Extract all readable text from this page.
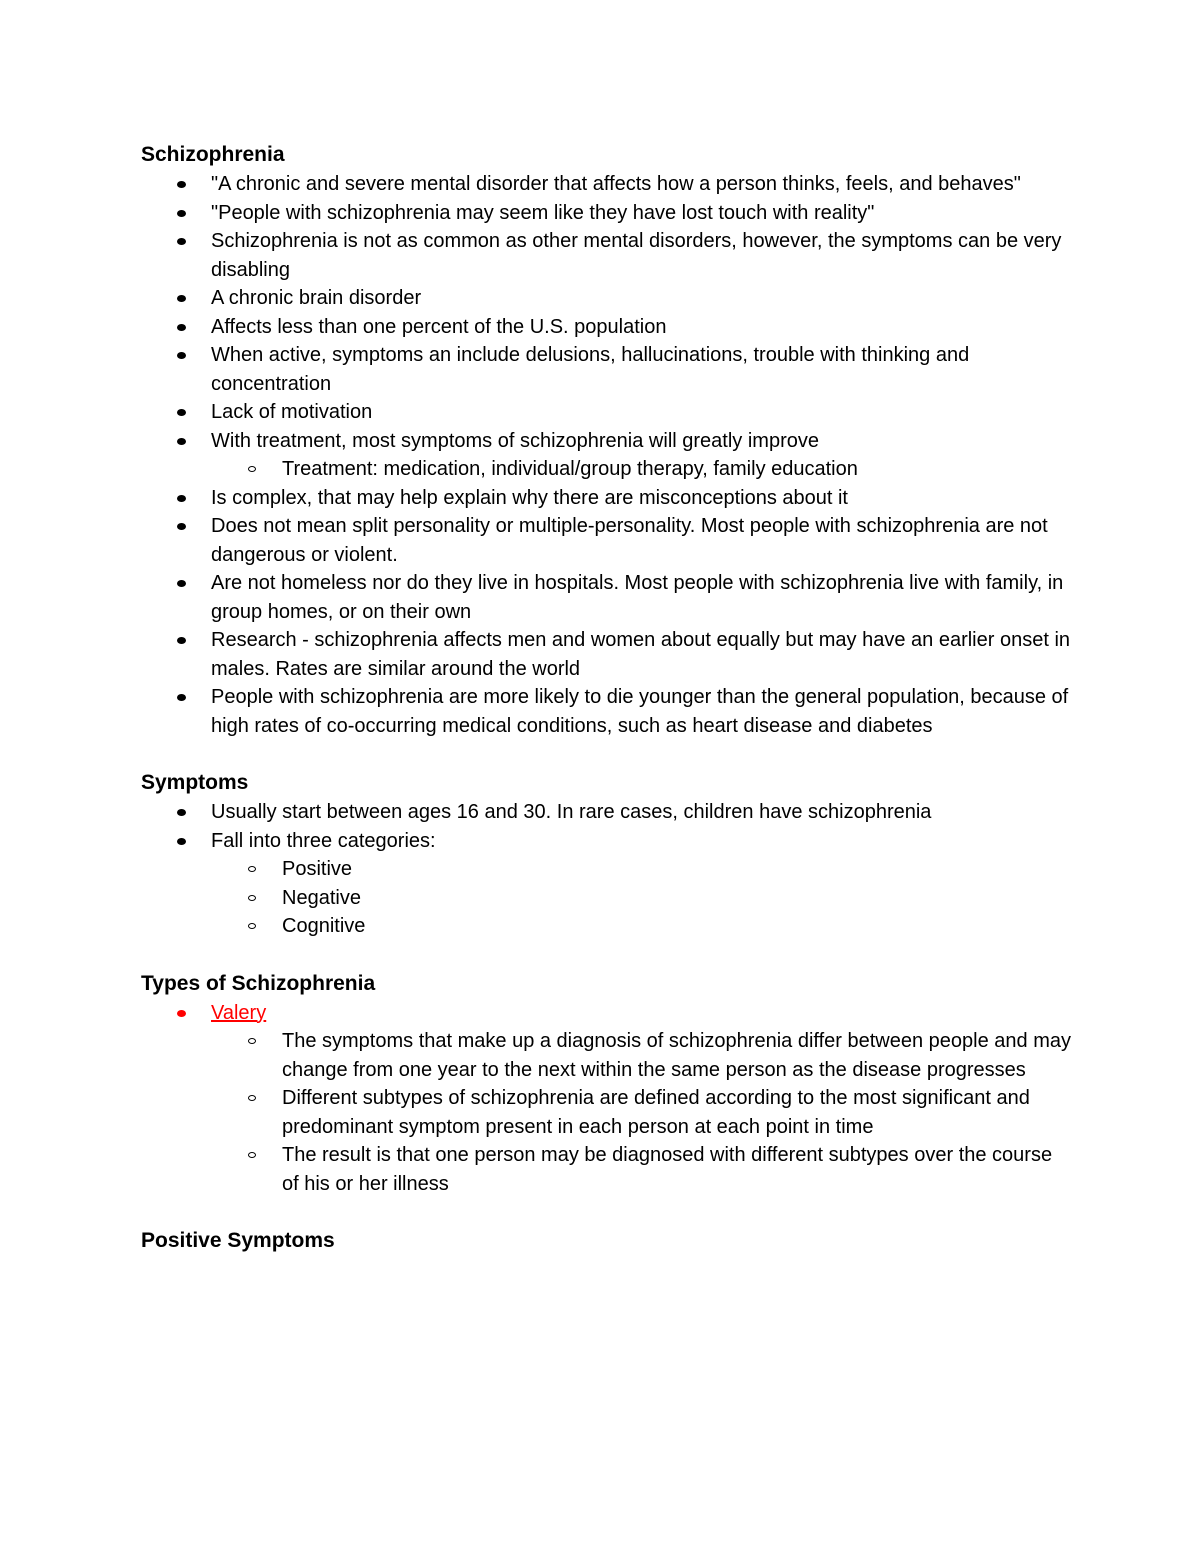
Schizophrenia
"A chronic and severe mental disorder that affects how a person thinks, feels, and behaves"
"People with schizophrenia may seem like they have lost touch with reality"
Schizophrenia is not as common as other mental disorders, however, the symptoms can be very disabling
A chronic brain disorder
Affects less than one percent of the U.S. population
When active, symptoms an include delusions, hallucinations, trouble with thinking and concentration
Lack of motivation
With treatment, most symptoms of schizophrenia will greatly improve
Treatment: medication, individual/group therapy, family education
Is complex, that may help explain why there are misconceptions about it
Does not mean split personality or multiple-personality. Most people with schizophrenia are not dangerous or violent.
Are not homeless nor do they live in hospitals. Most people with schizophrenia live with family, in group homes, or on their own
Research - schizophrenia affects men and women about equally but may have an earlier onset in males. Rates are similar around the world
People with schizophrenia are more likely to die younger than the general population, because of high rates of co-occurring medical conditions, such as heart disease and diabetes
Symptoms
Usually start between ages 16 and 30. In rare cases, children have schizophrenia
Fall into three categories:
Positive
Negative
Cognitive
Types of Schizophrenia
Valery
The symptoms that make up a diagnosis of schizophrenia differ between people and may change from one year to the next within the same person as the disease progresses
Different subtypes of schizophrenia are defined according to the most significant and predominant symptom present in each person at each point in time
The result is that one person may be diagnosed with different subtypes over the course of his or her illness
Positive Symptoms
